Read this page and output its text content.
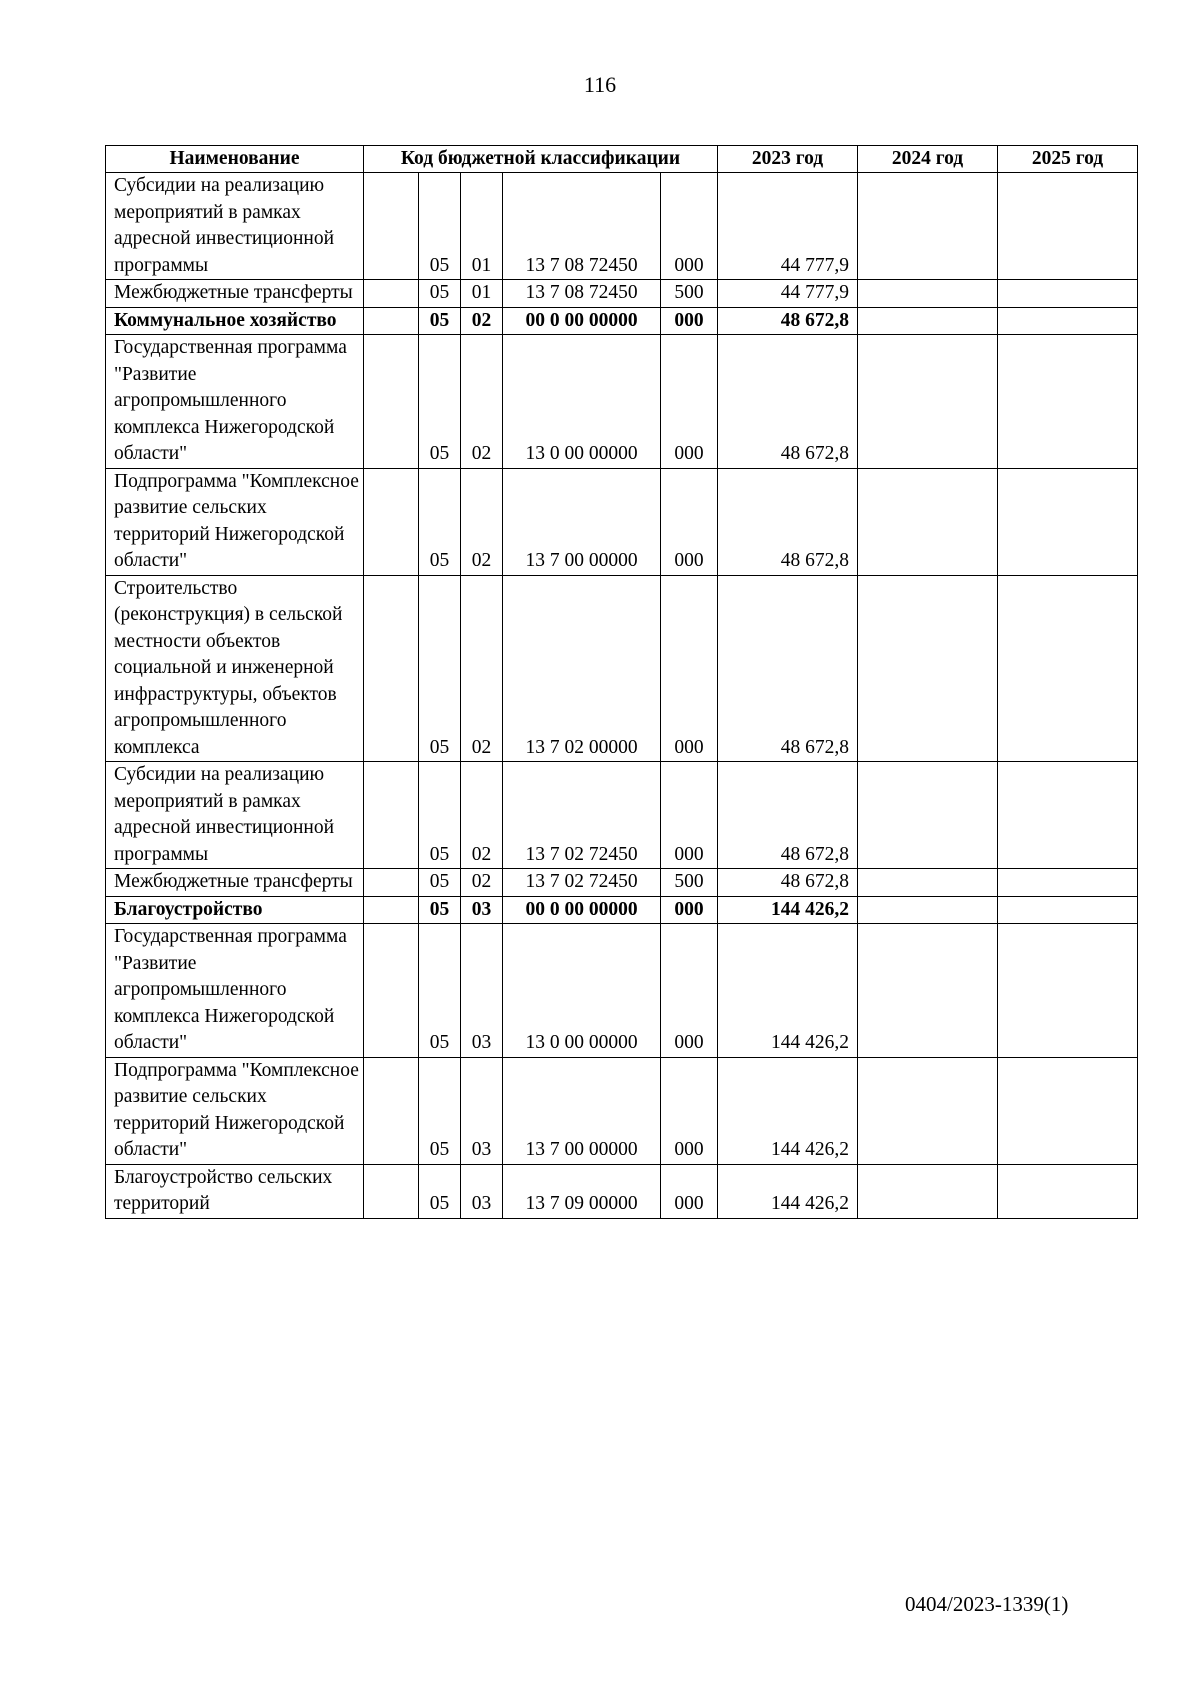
116
Наименование	Код бюджетной классификации					2023 год	2024 год	2025 год
Субсидии на реализацию мероприятий в рамках адресной инвестиционной программы		05	01	13 7 08 72450	000	44 777,9		
Межбюджетные трансферты		05	01	13 7 08 72450	500	44 777,9		
Коммунальное хозяйство		05	02	00 0 00 00000	000	48 672,8		
Государственная программа "Развитие агропромышленного комплекса Нижегородской области"		05	02	13 0 00 00000	000	48 672,8		
Подпрограмма "Комплексное развитие сельских территорий Нижегородской области"		05	02	13 7 00 00000	000	48 672,8		
Строительство (реконструкция) в сельской местности объектов социальной и инженерной инфраструктуры, объектов агропромышленного комплекса		05	02	13 7 02 00000	000	48 672,8		
Субсидии на реализацию мероприятий в рамках адресной инвестиционной программы		05	02	13 7 02 72450	000	48 672,8		
Межбюджетные трансферты		05	02	13 7 02 72450	500	48 672,8		
Благоустройство		05	03	00 0 00 00000	000	144 426,2		
Государственная программа "Развитие агропромышленного комплекса Нижегородской области"		05	03	13 0 00 00000	000	144 426,2		
Подпрограмма "Комплексное развитие сельских территорий Нижегородской области"		05	03	13 7 00 00000	000	144 426,2		
Благоустройство сельских территорий		05	03	13 7 09 00000	000	144 426,2		
0404/2023-1339(1)
